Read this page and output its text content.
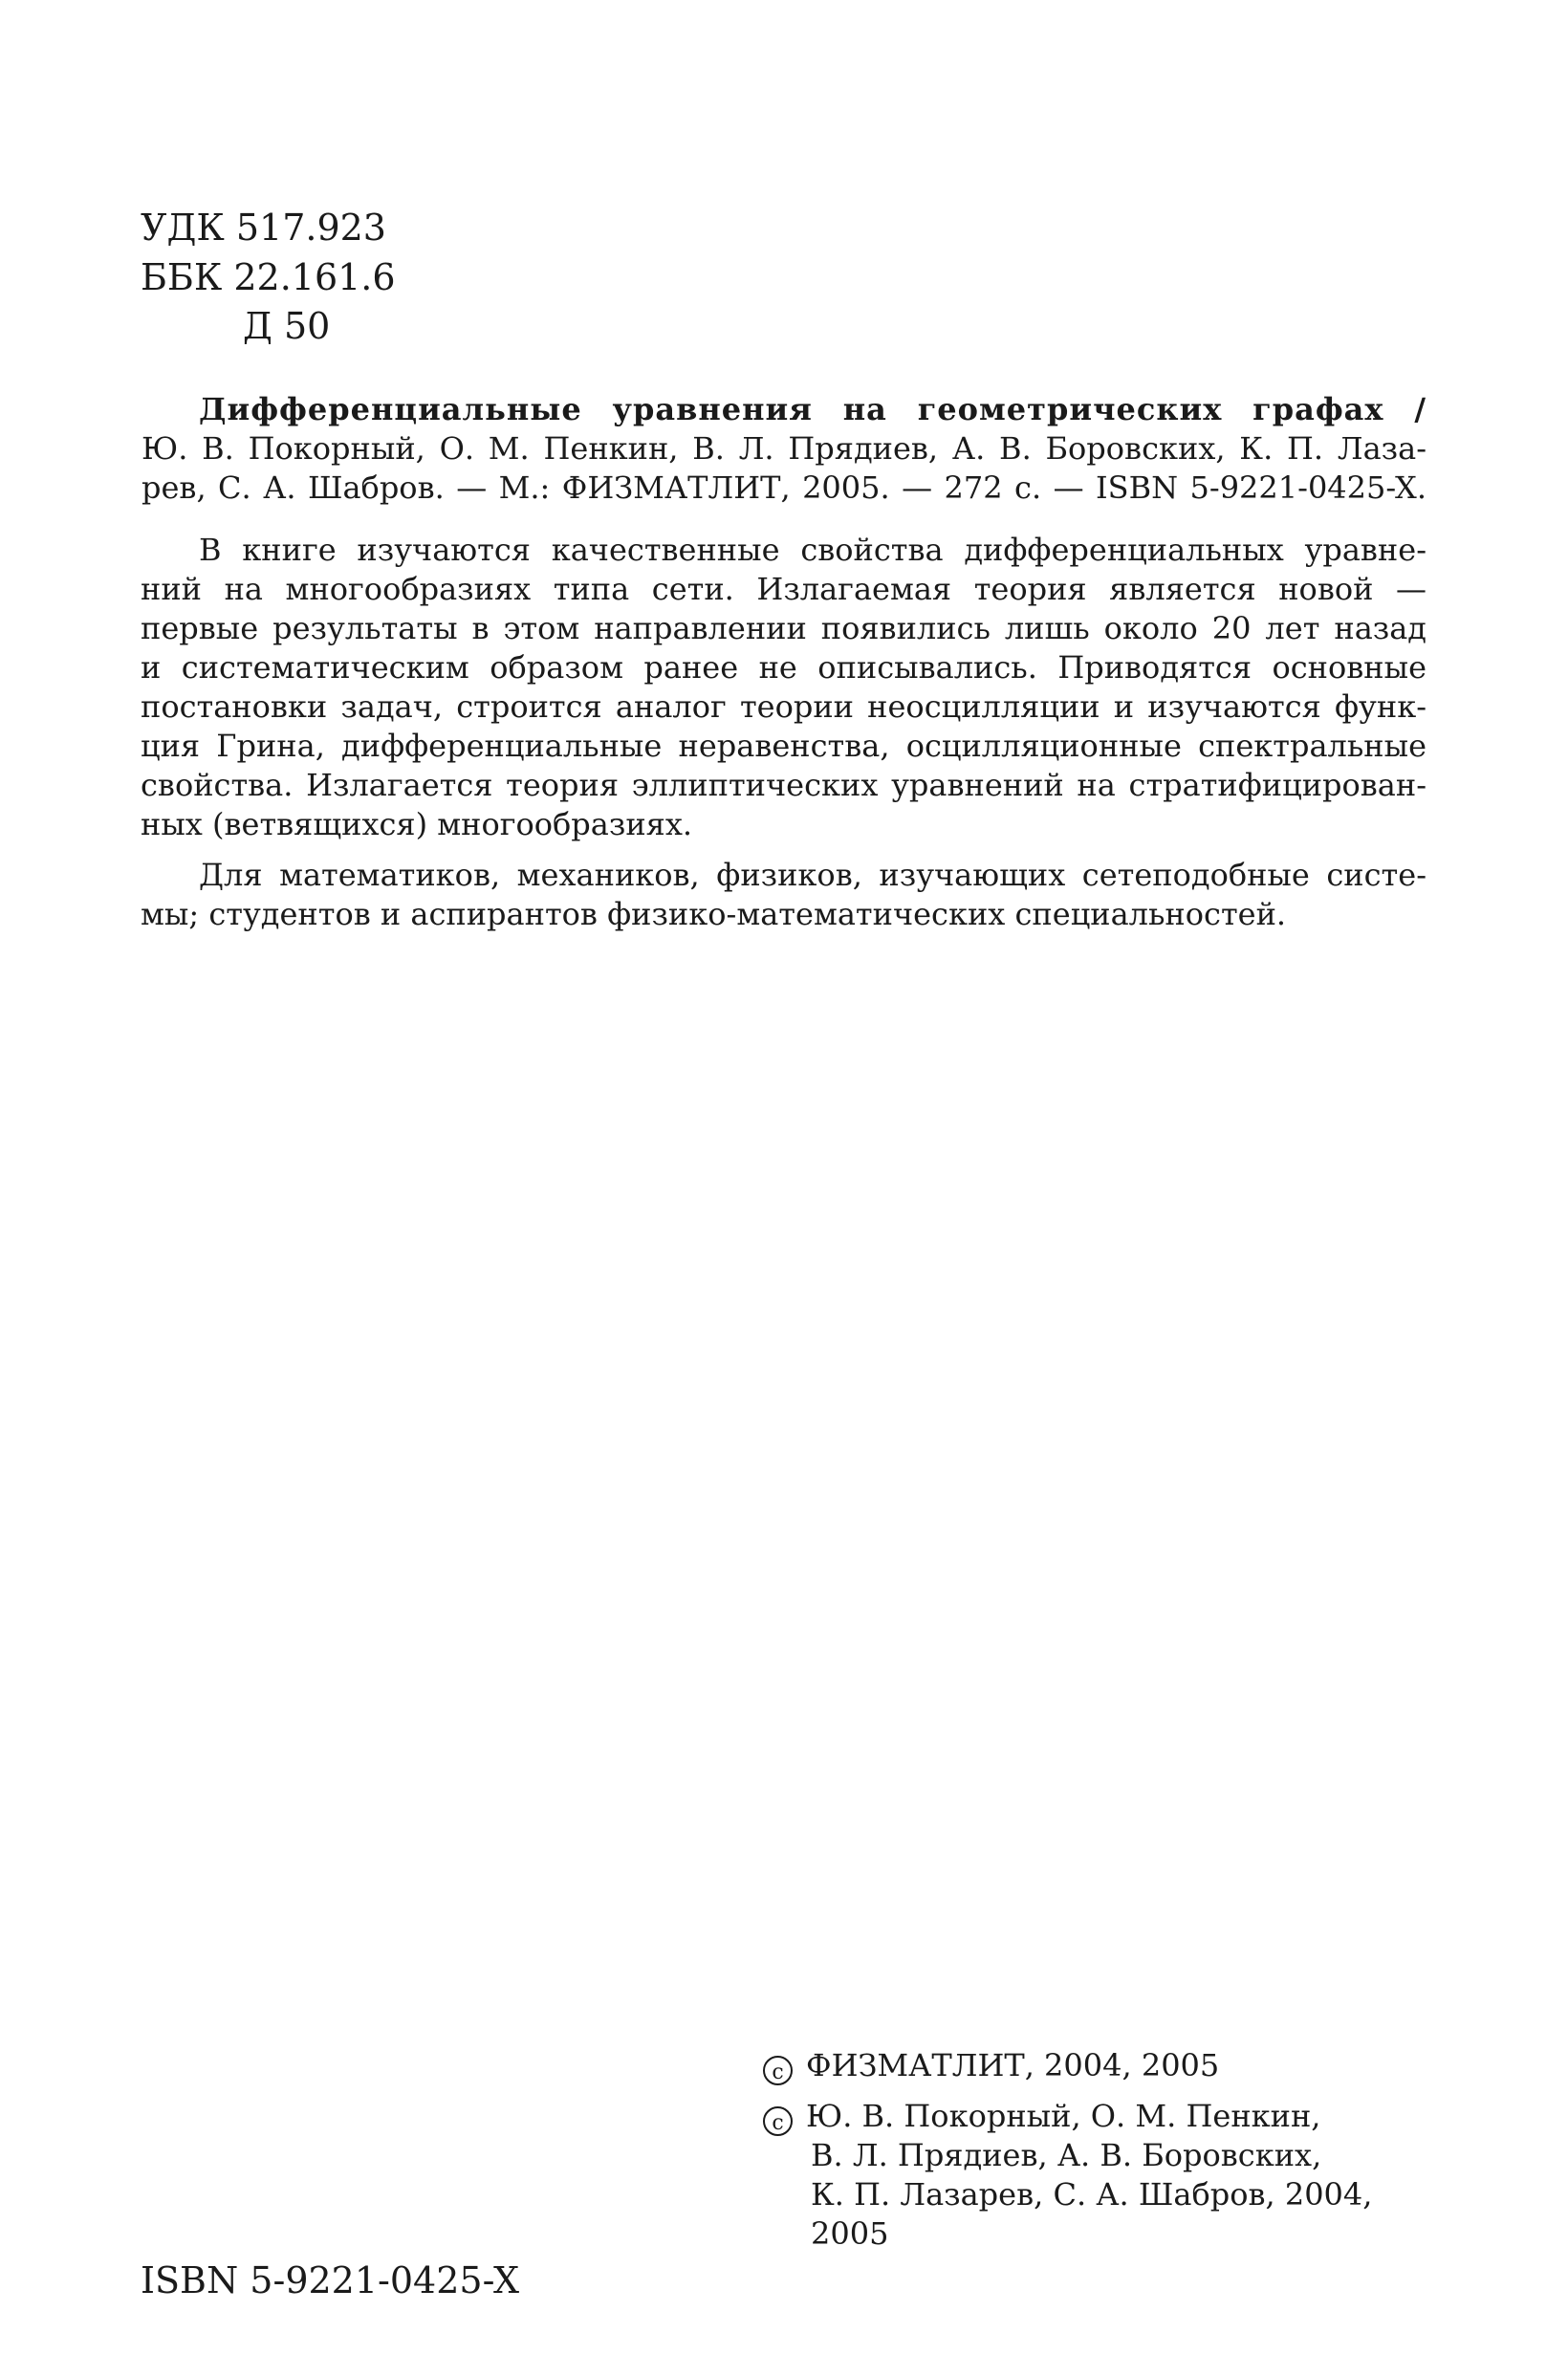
УДК 517.923
ББК 22.161.6
Д 50
Дифференциальные уравнения на геометрических графах /
Ю. В. Покорный, О. М. Пенкин, В. Л. Прядиев, А. В. Боровских, К. П. Лаза-
рев, С. А. Шабров. — М.: ФИЗМАТЛИТ, 2005. — 272 с. — ISBN 5-9221-0425-X.

В книге изучаются качественные свойства дифференциальных уравне-
ний на многообразиях типа сети. Излагаемая теория является новой —
первые результаты в этом направлении появились лишь около 20 лет назад
и систематическим образом ранее не описывались. Приводятся основные
постановки задач, строится аналог теории неосцилляции и изучаются функ-
ция Грина, дифференциальные неравенства, осцилляционные спектральные
свойства. Излагается теория эллиптических уравнений на стратифицирован-
ных (ветвящихся) многообразиях.

Для математиков, механиков, физиков, изучающих сетеподобные систе-
мы; студентов и аспирантов физико-математических специальностей.

c ФИЗМАТЛИТ, 2004, 2005
c Ю. В. Покорный, О. М. Пенкин,
В. Л. Прядиев, А. В. Боровских,
К. П. Лазарев, С. А. Шабров, 2004,
2005
ISBN 5-9221-0425-X
